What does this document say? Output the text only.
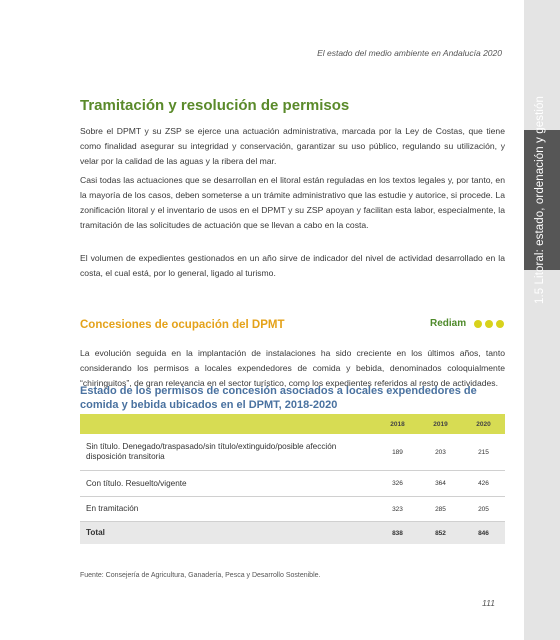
El estado del medio ambiente en Andalucía 2020
1.5 Litoral: estado, ordenación y gestión
Tramitación y resolución de permisos

Sobre el DPMT y su ZSP se ejerce una actuación administrativa, marcada por la Ley de Costas, que tiene como finalidad asegurar su integridad y conservación, garantizar su uso público, regulando su utilización, y velar por la calidad de las aguas y la ribera del mar.

Casi todas las actuaciones que se desarrollan en el litoral están reguladas en los textos legales y, por tanto, en la mayoría de los casos, deben someterse a un trámite administrativo que las estudie y autorice, si procede. La zonificación litoral y el inventario de usos en el DPMT y su ZSP apoyan y facilitan esta labor, especialmente, la tramitación de las solicitudes de actuación que se llevan a cabo en la costa.

El volumen de expedientes gestionados en un año sirve de indicador del nivel de actividad desarrollado en la costa, el cual está, por lo general, ligado al turismo.

Concesiones de ocupación del DPMT	Rediam

La evolución seguida en la implantación de instalaciones ha sido creciente en los últimos años, tanto considerando los permisos a locales expendedores de comida y bebida, denominados coloquialmente “chiringuitos”, de gran relevancia en el sector turístico, como los expedientes referidos al resto de actividades.

Estado de los permisos de concesión asociados a locales expendedores de comida y bebida ubicados en el DPMT, 2018-2020
2018	2019	2020
Sin título. Denegado/traspasado/sin título/extinguido/posible afección disposición transitoria	189	203	215
Con título. Resuelto/vigente	326	364	426
En tramitación	323	285	205
Total	838	852	846
Fuente: Consejería de Agricultura, Ganadería, Pesca y Desarrollo Sostenible.
111
